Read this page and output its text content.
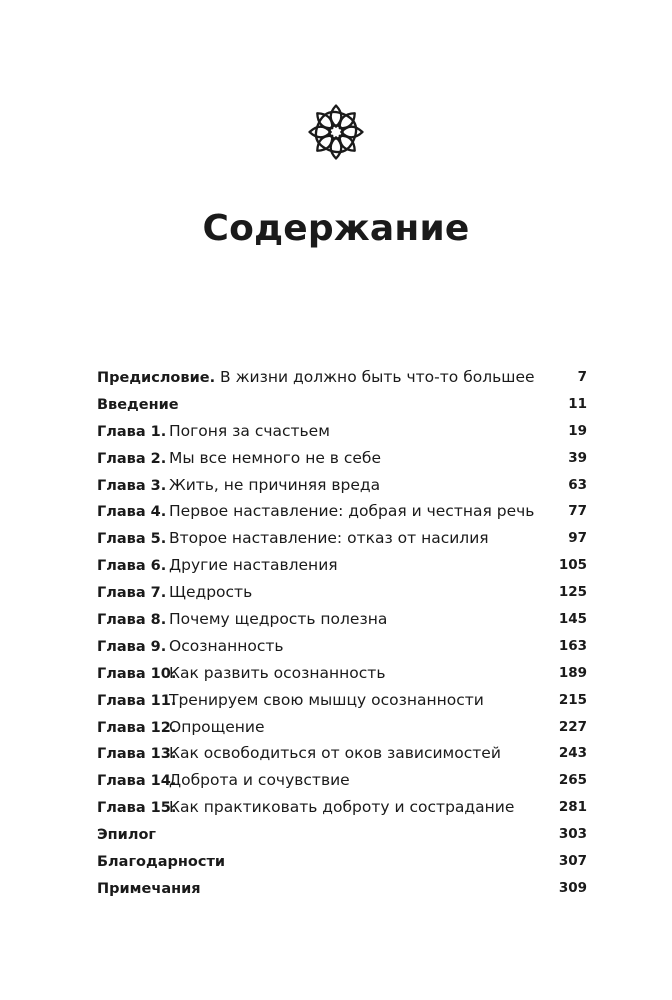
Содержание
Предисловие. В жизни должно быть что-то большее	7
Введение	11
Глава 1. Погоня за счастьем	19
Глава 2. Мы все немного не в себе	39
Глава 3. Жить, не причиняя вреда	63
Глава 4. Первое наставление: добрая и честная речь	77
Глава 5. Второе наставление: отказ от насилия	97
Глава 6. Другие наставления	105
Глава 7. Щедрость	125
Глава 8. Почему щедрость полезна	145
Глава 9. Осознанность	163
Глава 10.Как развить осознанность	189
Глава 11.Тренируем свою мышцу осознанности	215
Глава 12.Опрощение	227
Глава 13.Как освободиться от оков зависимостей	243
Глава 14.Доброта и сочувствие	265
Глава 15.Как практиковать доброту и сострадание	281
Эпилог	303
Благодарности	307
Примечания	309
